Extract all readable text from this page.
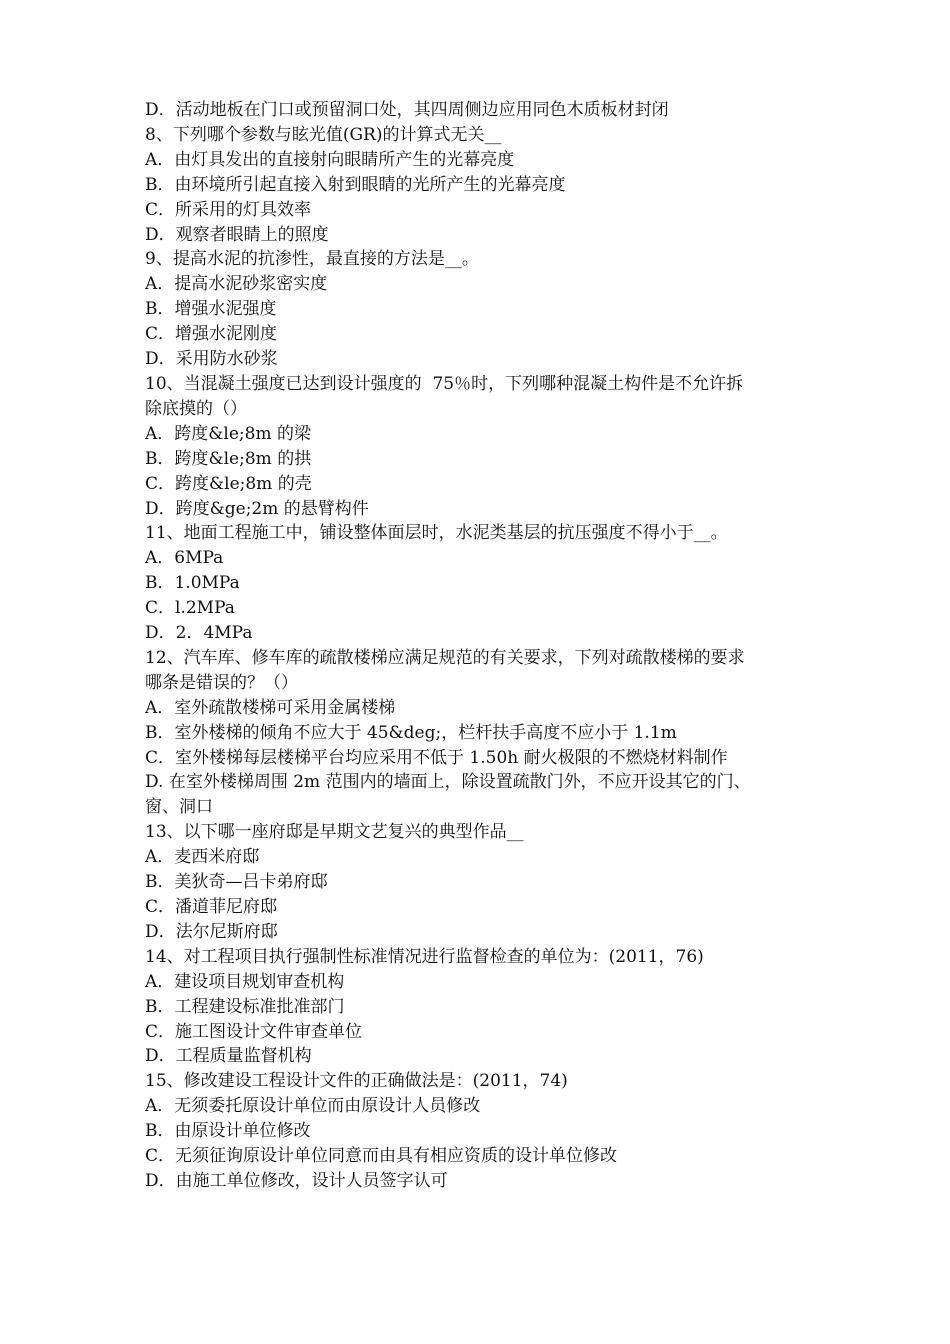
D．活动地板在门口或预留洞口处，其四周侧边应用同色木质板材封闭

8、下列哪个参数与眩光值(GR)的计算式无关__

A．由灯具发出的直接射向眼睛所产生的光幕亮度

B．由环境所引起直接入射到眼睛的光所产生的光幕亮度

C．所采用的灯具效率

D．观察者眼睛上的照度

9、提高水泥的抗渗性，最直接的方法是__。

A．提高水泥砂浆密实度

B．增强水泥强度

C．增强水泥刚度

D．采用防水砂浆

10、当混凝土强度已达到设计强度的  75％时，下列哪种混凝土构件是不允许拆

除底摸的（）

A．跨度&le;8m 的梁

B．跨度&le;8m 的拱

C．跨度&le;8m 的壳

D．跨度&ge;2m 的悬臂构件

11、地面工程施工中，铺设整体面层时，水泥类基层的抗压强度不得小于__。

A．6MPa

B．1.0MPa

C．l.2MPa

D．2．4MPa

12、汽车库、修车库的疏散楼梯应满足规范的有关要求，下列对疏散楼梯的要求

哪条是错误的？（）

A．室外疏散楼梯可采用金属楼梯

B．室外楼梯的倾角不应大于 45&deg;，栏杆扶手高度不应小于 1.1m

C．室外楼梯每层楼梯平台均应采用不低于 1.50h 耐火极限的不燃烧材料制作

D. 在室外楼梯周围 2m 范围内的墙面上，除设置疏散门外，不应开设其它的门、

窗、洞口

13、以下哪一座府邸是早期文艺复兴的典型作品__

A．麦西米府邸

B．美狄奇—吕卡弟府邸

C．潘道菲尼府邸

D．法尔尼斯府邸

14、对工程项目执行强制性标准情况进行监督检查的单位为：(2011，76)

A．建设项目规划审查机构

B．工程建设标准批准部门

C．施工图设计文件审查单位

D．工程质量监督机构

15、修改建设工程设计文件的正确做法是：(2011，74)

A．无须委托原设计单位而由原设计人员修改

B．由原设计单位修改

C．无须征询原设计单位同意而由具有相应资质的设计单位修改

D．由施工单位修改，设计人员签字认可
